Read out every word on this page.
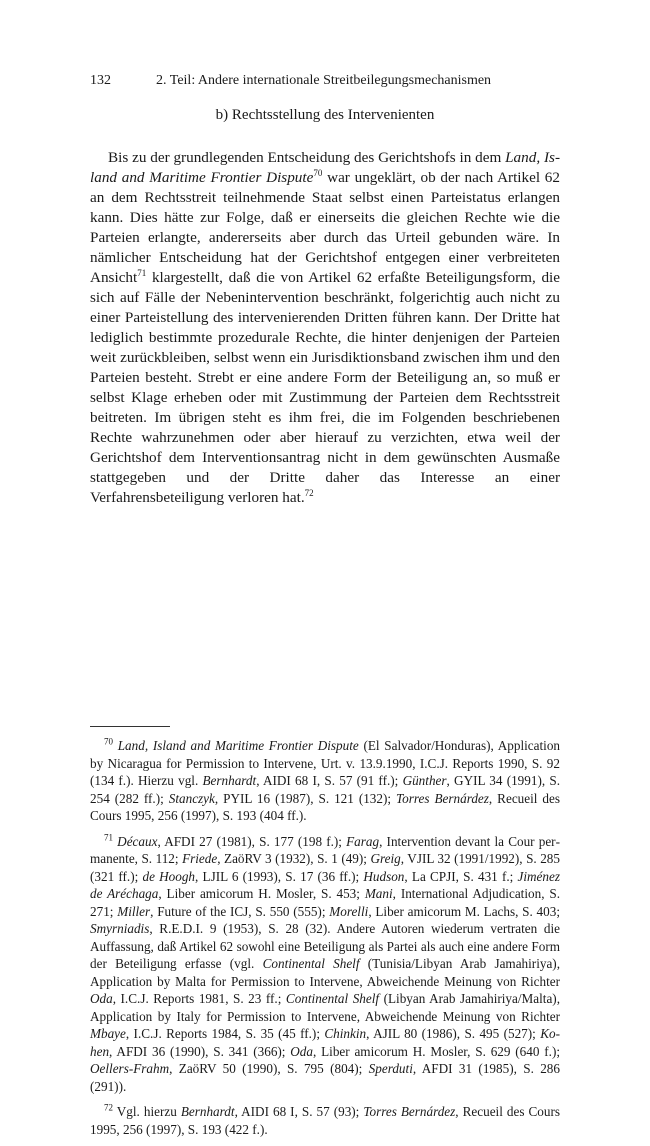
132	2. Teil: Andere internationale Streitbeilegungsmechanismen
b) Rechtsstellung des Intervenienten

Bis zu der grundlegenden Entscheidung des Gerichtshofs in dem Land, Island and Maritime Frontier Dispute$^{70}$ war ungeklärt, ob der nach Artikel 62 an dem Rechtsstreit teilnehmende Staat selbst einen Parteistatus erlangen kann. Dies hätte zur Folge, daß er einerseits die gleichen Rechte wie die Parteien erlangte, andererseits aber durch das Urteil gebunden wäre. In nämlicher Entscheidung hat der Gerichtshof entgegen einer verbreiteten Ansicht$^{71}$ klargestellt, daß die von Artikel 62 erfaßte Beteiligungsform, die sich auf Fälle der Nebenintervention beschränkt, folgerichtig auch nicht zu einer Parteistellung des intervenierenden Dritten führen kann. Der Dritte hat lediglich bestimmte prozedurale Rechte, die hinter denjenigen der Parteien weit zurückbleiben, selbst wenn ein Jurisdiktionsband zwischen ihm und den Parteien besteht. Strebt er eine andere Form der Beteiligung an, so muß er selbst Klage erheben oder mit Zustimmung der Parteien dem Rechtsstreit beitreten. Im übrigen steht es ihm frei, die im Folgenden beschriebenen Rechte wahrzunehmen oder aber hierauf zu verzichten, etwa weil der Gerichtshof dem Interventionsantrag nicht in dem gewünschten Ausmaße stattgegeben und der Dritte daher das Interesse an einer Verfahrensbeteiligung verloren hat.$^{72}$

$^{70}$ Land, Island and Maritime Frontier Dispute (El Salvador/Honduras), Application by Nicaragua for Permission to Intervene, Urt. v. 13.9.1990, I.C.J. Reports 1990, S. 92 (134 f.). Hierzu vgl. Bernhardt, AIDI 68 I, S. 57 (91 ff.); Günther, GYIL 34 (1991), S. 254 (282 ff.); Stanczyk, PYIL 16 (1987), S. 121 (132); Torres Bernárdez, Recueil des Cours 1995, 256 (1997), S. 193 (404 ff.).

$^{71}$ Décaux, AFDI 27 (1981), S. 177 (198 f.); Farag, Intervention devant la Cour permanente, S. 112; Friede, ZaöRV 3 (1932), S. 1 (49); Greig, VJIL 32 (1991/1992), S. 285 (321 ff.); de Hoogh, LJIL 6 (1993), S. 17 (36 ff.); Hudson, La CPJI, S. 431 f.; Jiménez de Aréchaga, Liber amicorum H. Mosler, S. 453; Mani, International Adjudication, S. 271; Miller, Future of the ICJ, S. 550 (555); Morelli, Liber amicorum M. Lachs, S. 403; Smyrniadis, R.E.D.I. 9 (1953), S. 28 (32). Andere Autoren wiederum vertraten die Auffassung, daß Artikel 62 sowohl eine Beteiligung als Partei als auch eine andere Form der Beteiligung erfasse (vgl. Continental Shelf (Tunisia/Libyan Arab Jamahiriya), Application by Malta for Permission to Intervene, Abweichende Meinung von Richter Oda, I.C.J. Reports 1981, S. 23 ff.; Continental Shelf (Libyan Arab Jamahiriya/Malta), Application by Italy for Permission to Intervene, Abweichende Meinung von Richter Mbaye, I.C.J. Reports 1984, S. 35 (45 ff.); Chinkin, AJIL 80 (1986), S. 495 (527); Kohen, AFDI 36 (1990), S. 341 (366); Oda, Liber amicorum H. Mosler, S. 629 (640 f.); Oellers-Frahm, ZaöRV 50 (1990), S. 795 (804); Sperduti, AFDI 31 (1985), S. 286 (291)).

$^{72}$ Vgl. hierzu Bernhardt, AIDI 68 I, S. 57 (93); Torres Bernárdez, Recueil des Cours 1995, 256 (1997), S. 193 (422 f.).
